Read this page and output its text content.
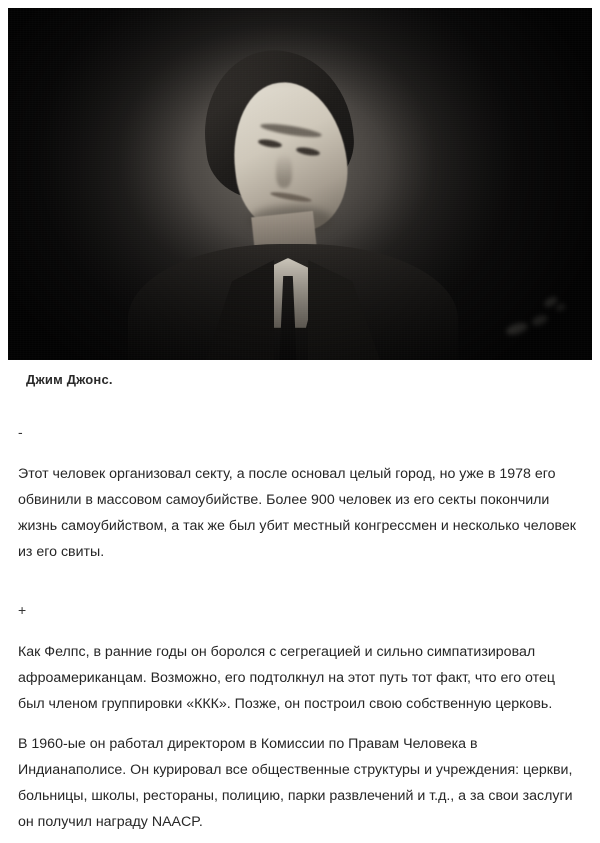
Джим Джонс.
-

Этот человек организовал секту, а после основал целый город, но уже в 1978 его обвинили в массовом самоубийстве. Более 900 человек из его секты покончили жизнь самоубийством, а так же был убит местный конгрессмен и несколько человек из его свиты.

+

Как Фелпс, в ранние годы он боролся с сегрегацией и сильно симпатизировал афроамериканцам. Возможно, его подтолкнул на этот путь тот факт, что его отец был членом группировки «ККК». Позже, он построил свою собственную церковь.

В 1960-ые он работал директором в Комиссии по Правам Человека в Индианаполисе. Он курировал все общественные структуры и учреждения: церкви, больницы, школы, рестораны, полицию, парки развлечений и т.д., а за свои заслуги он получил награду NAACP.
